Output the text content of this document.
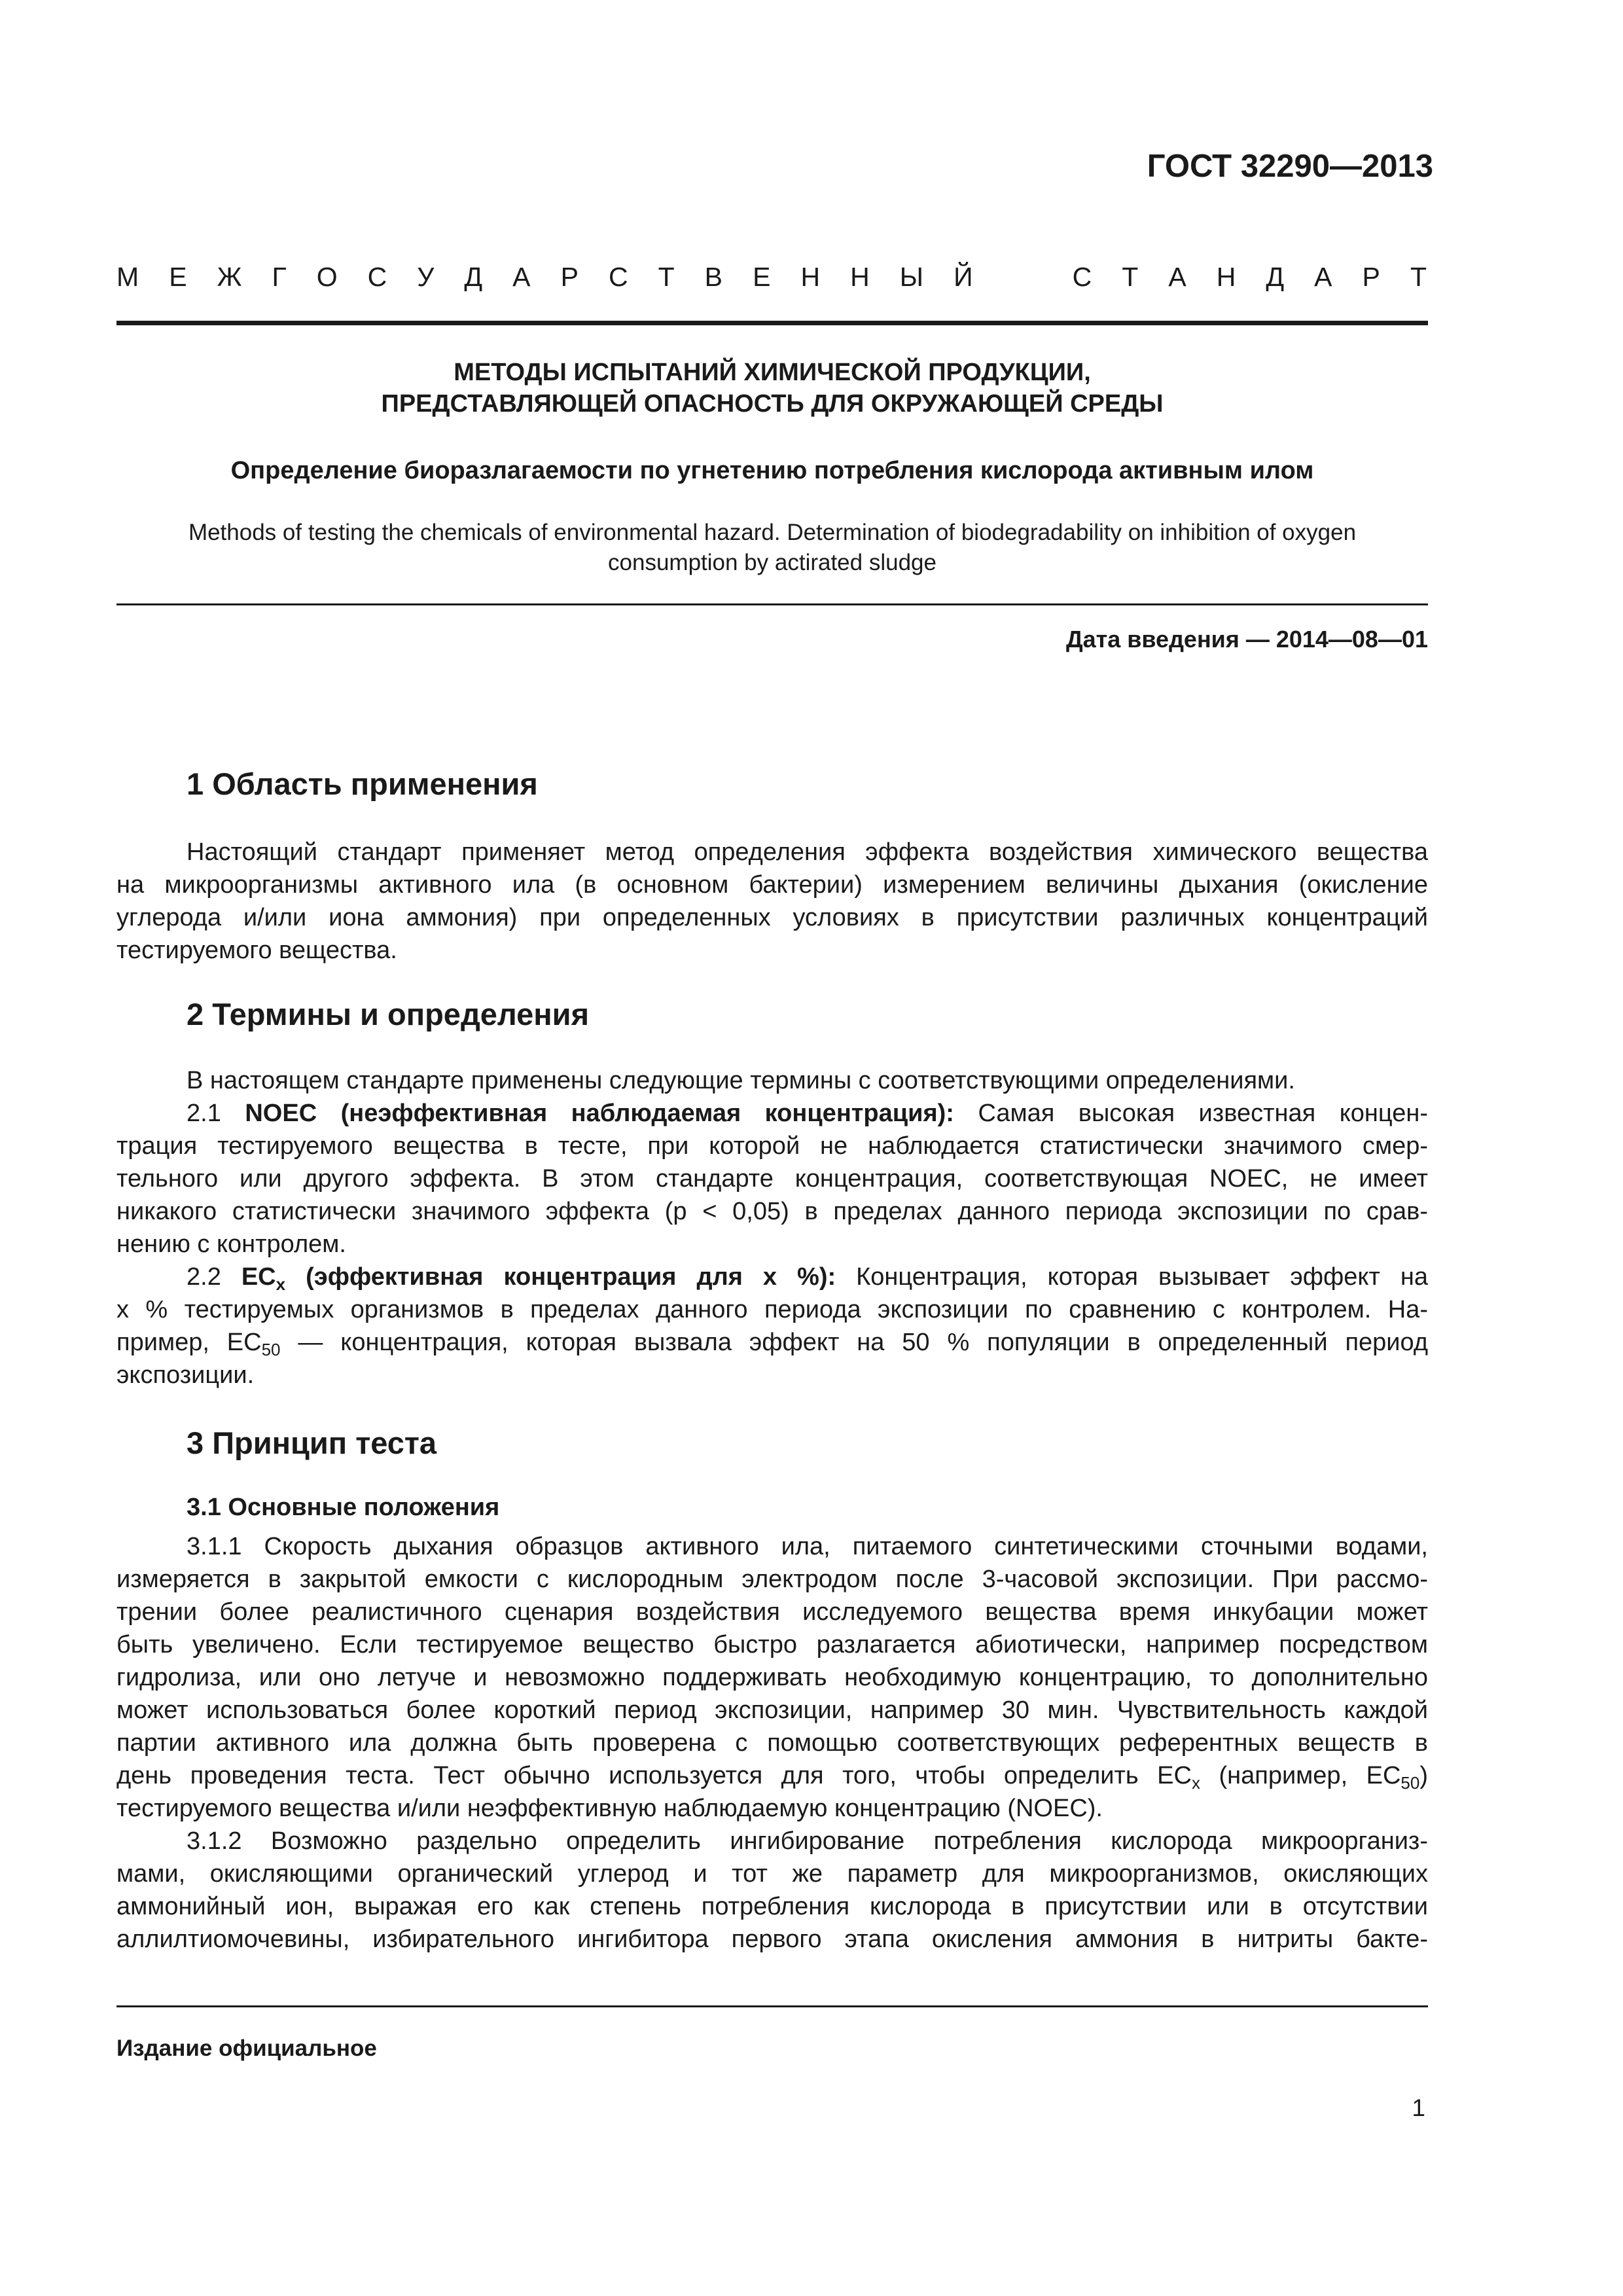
ГОСТ 32290—2013
М Е Ж Г О С У Д А Р С Т В Е Н Н Ы Й	С Т А Н Д А Р Т
МЕТОДЫ ИСПЫТАНИЙ ХИМИЧЕСКОЙ ПРОДУКЦИИ,
ПРЕДСТАВЛЯЮЩЕЙ ОПАСНОСТЬ ДЛЯ ОКРУЖАЮЩЕЙ СРЕДЫ
Определение биоразлагаемости по угнетению потребления кислорода активным илом
Methods of testing the chemicals of environmental hazard. Determination of biodegradability on inhibition of oxygen
consumption by actirated sludge
Дата введения — 2014—08—01
1 Область применения
Настоящий стандарт применяет метод определения эффекта воздействия химического вещества
на микроорганизмы активного ила (в основном бактерии) измерением величины дыхания (окисление
углерода и/или иона аммония) при определенных условиях в присутствии различных концентраций
тестируемого вещества.
2 Термины и определения
В настоящем стандарте применены следующие термины с соответствующими определениями.
2.1 NOEC (неэффективная наблюдаемая концентрация): Самая высокая известная концен-
трация тестируемого вещества в тесте, при которой не наблюдается статистически значимого смер-
тельного или другого эффекта. В этом стандарте концентрация, соответствующая NOEC, не имеет
никакого статистически значимого эффекта (р < 0,05) в пределах данного периода экспозиции по срав-
нению с контролем.
2.2 $EC_x$ (эффективная концентрация для x %): Концентрация, которая вызывает эффект на
x % тестируемых организмов в пределах данного периода экспозиции по сравнению с контролем. На-
пример, $EC_{50}$ — концентрация, которая вызвала эффект на 50 % популяции в определенный период
экспозиции.
3 Принцип теста
3.1 Основные положения
3.1.1 Скорость дыхания образцов активного ила, питаемого синтетическими сточными водами,
измеряется в закрытой емкости с кислородным электродом после 3-часовой экспозиции. При рассмо-
трении более реалистичного сценария воздействия исследуемого вещества время инкубации может
быть увеличено. Если тестируемое вещество быстро разлагается абиотически, например посредством
гидролиза, или оно летуче и невозможно поддерживать необходимую концентрацию, то дополнительно
может использоваться более короткий период экспозиции, например 30 мин. Чувствительность каждой
партии активного ила должна быть проверена с помощью соответствующих референтных веществ в
день проведения теста. Тест обычно используется для того, чтобы определить $EC_x$ (например, $EC_{50}$)
тестируемого вещества и/или неэффективную наблюдаемую концентрацию (NOEC).
3.1.2 Возможно раздельно определить ингибирование потребления кислорода микроорганиз-
мами, окисляющими органический углерод и тот же параметр для микроорганизмов, окисляющих
аммонийный ион, выражая его как степень потребления кислорода в присутствии или в отсутствии
аллилтиомочевины, избирательного ингибитора первого этапа окисления аммония в нитриты бакте-
Издание официальное
1
